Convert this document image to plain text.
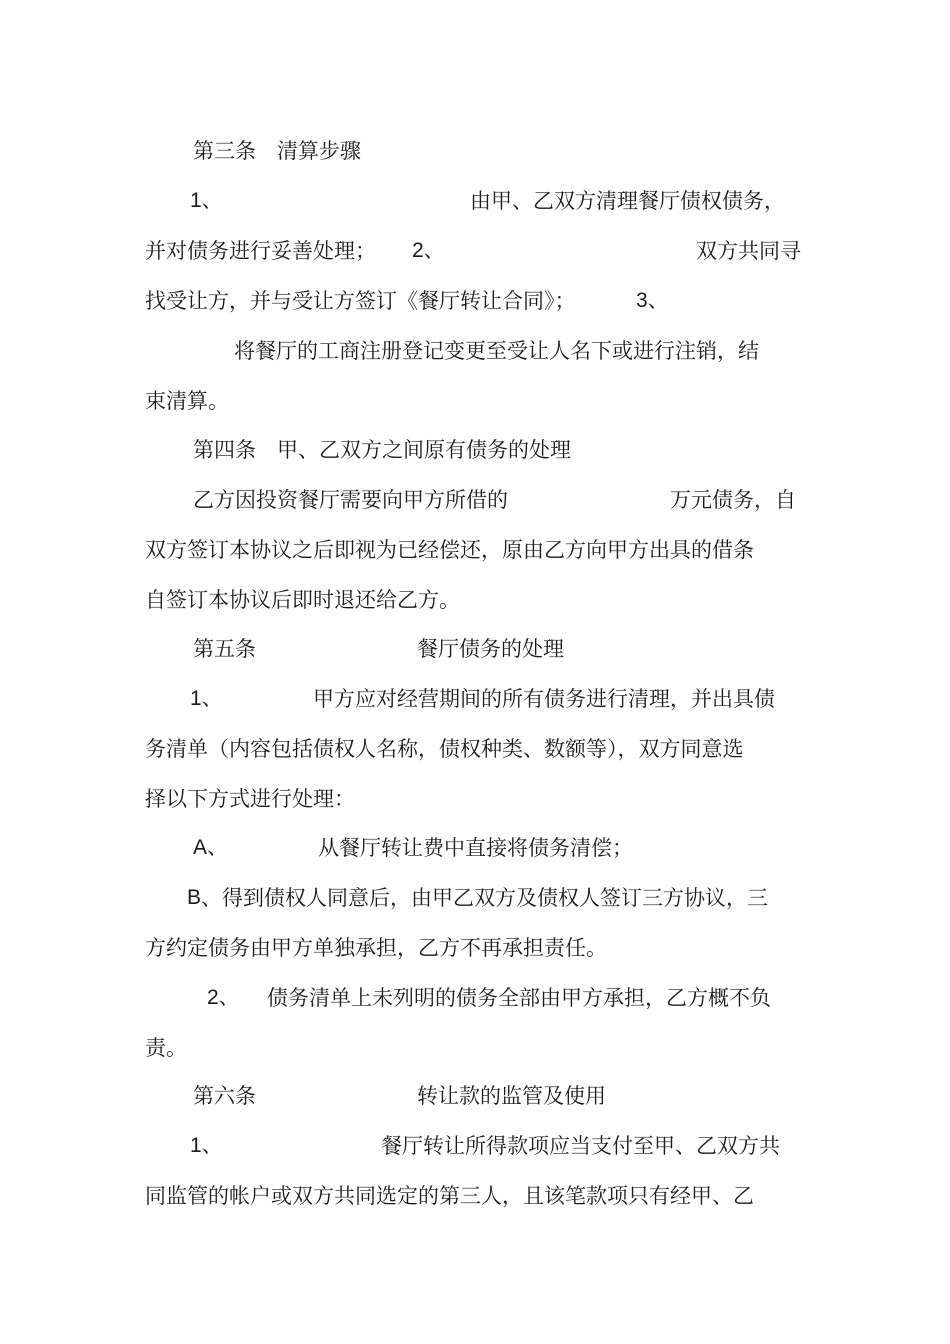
第三条　清算步骤
1、	由甲、乙双方清理餐厅债权债务，
并对债务进行妥善处理； 2、	双方共同寻
找受让方，并与受让方签订《餐厅转让合同》；	3、
将餐厅的工商注册登记变更至受让人名下或进行注销，结
束清算。
第四条　甲、乙双方之间原有债务的处理
乙方因投资餐厅需要向甲方所借的	万元债务，自
双方签订本协议之后即视为已经偿还，原由乙方向甲方出具的借条
自签订本协议后即时退还给乙方。
第五条	餐厅债务的处理
1、	甲方应对经营期间的所有债务进行清理，并出具债
务清单（内容包括债权人名称，债权种类、数额等），双方同意选
择以下方式进行处理：
A、	从餐厅转让费中直接将债务清偿；
B 、得到债权人同意后，由甲乙双方及债权人签订三方协议，三
方约定债务由甲方单独承担，乙方不再承担责任。
2、 债务清单上未列明的债务全部由甲方承担，乙方概不负
责。
第六条	转让款的监管及使用
1、	餐厅转让所得款项应当支付至甲、乙双方共
同监管的帐户或双方共同选定的第三人，且该笔款项只有经甲、乙
